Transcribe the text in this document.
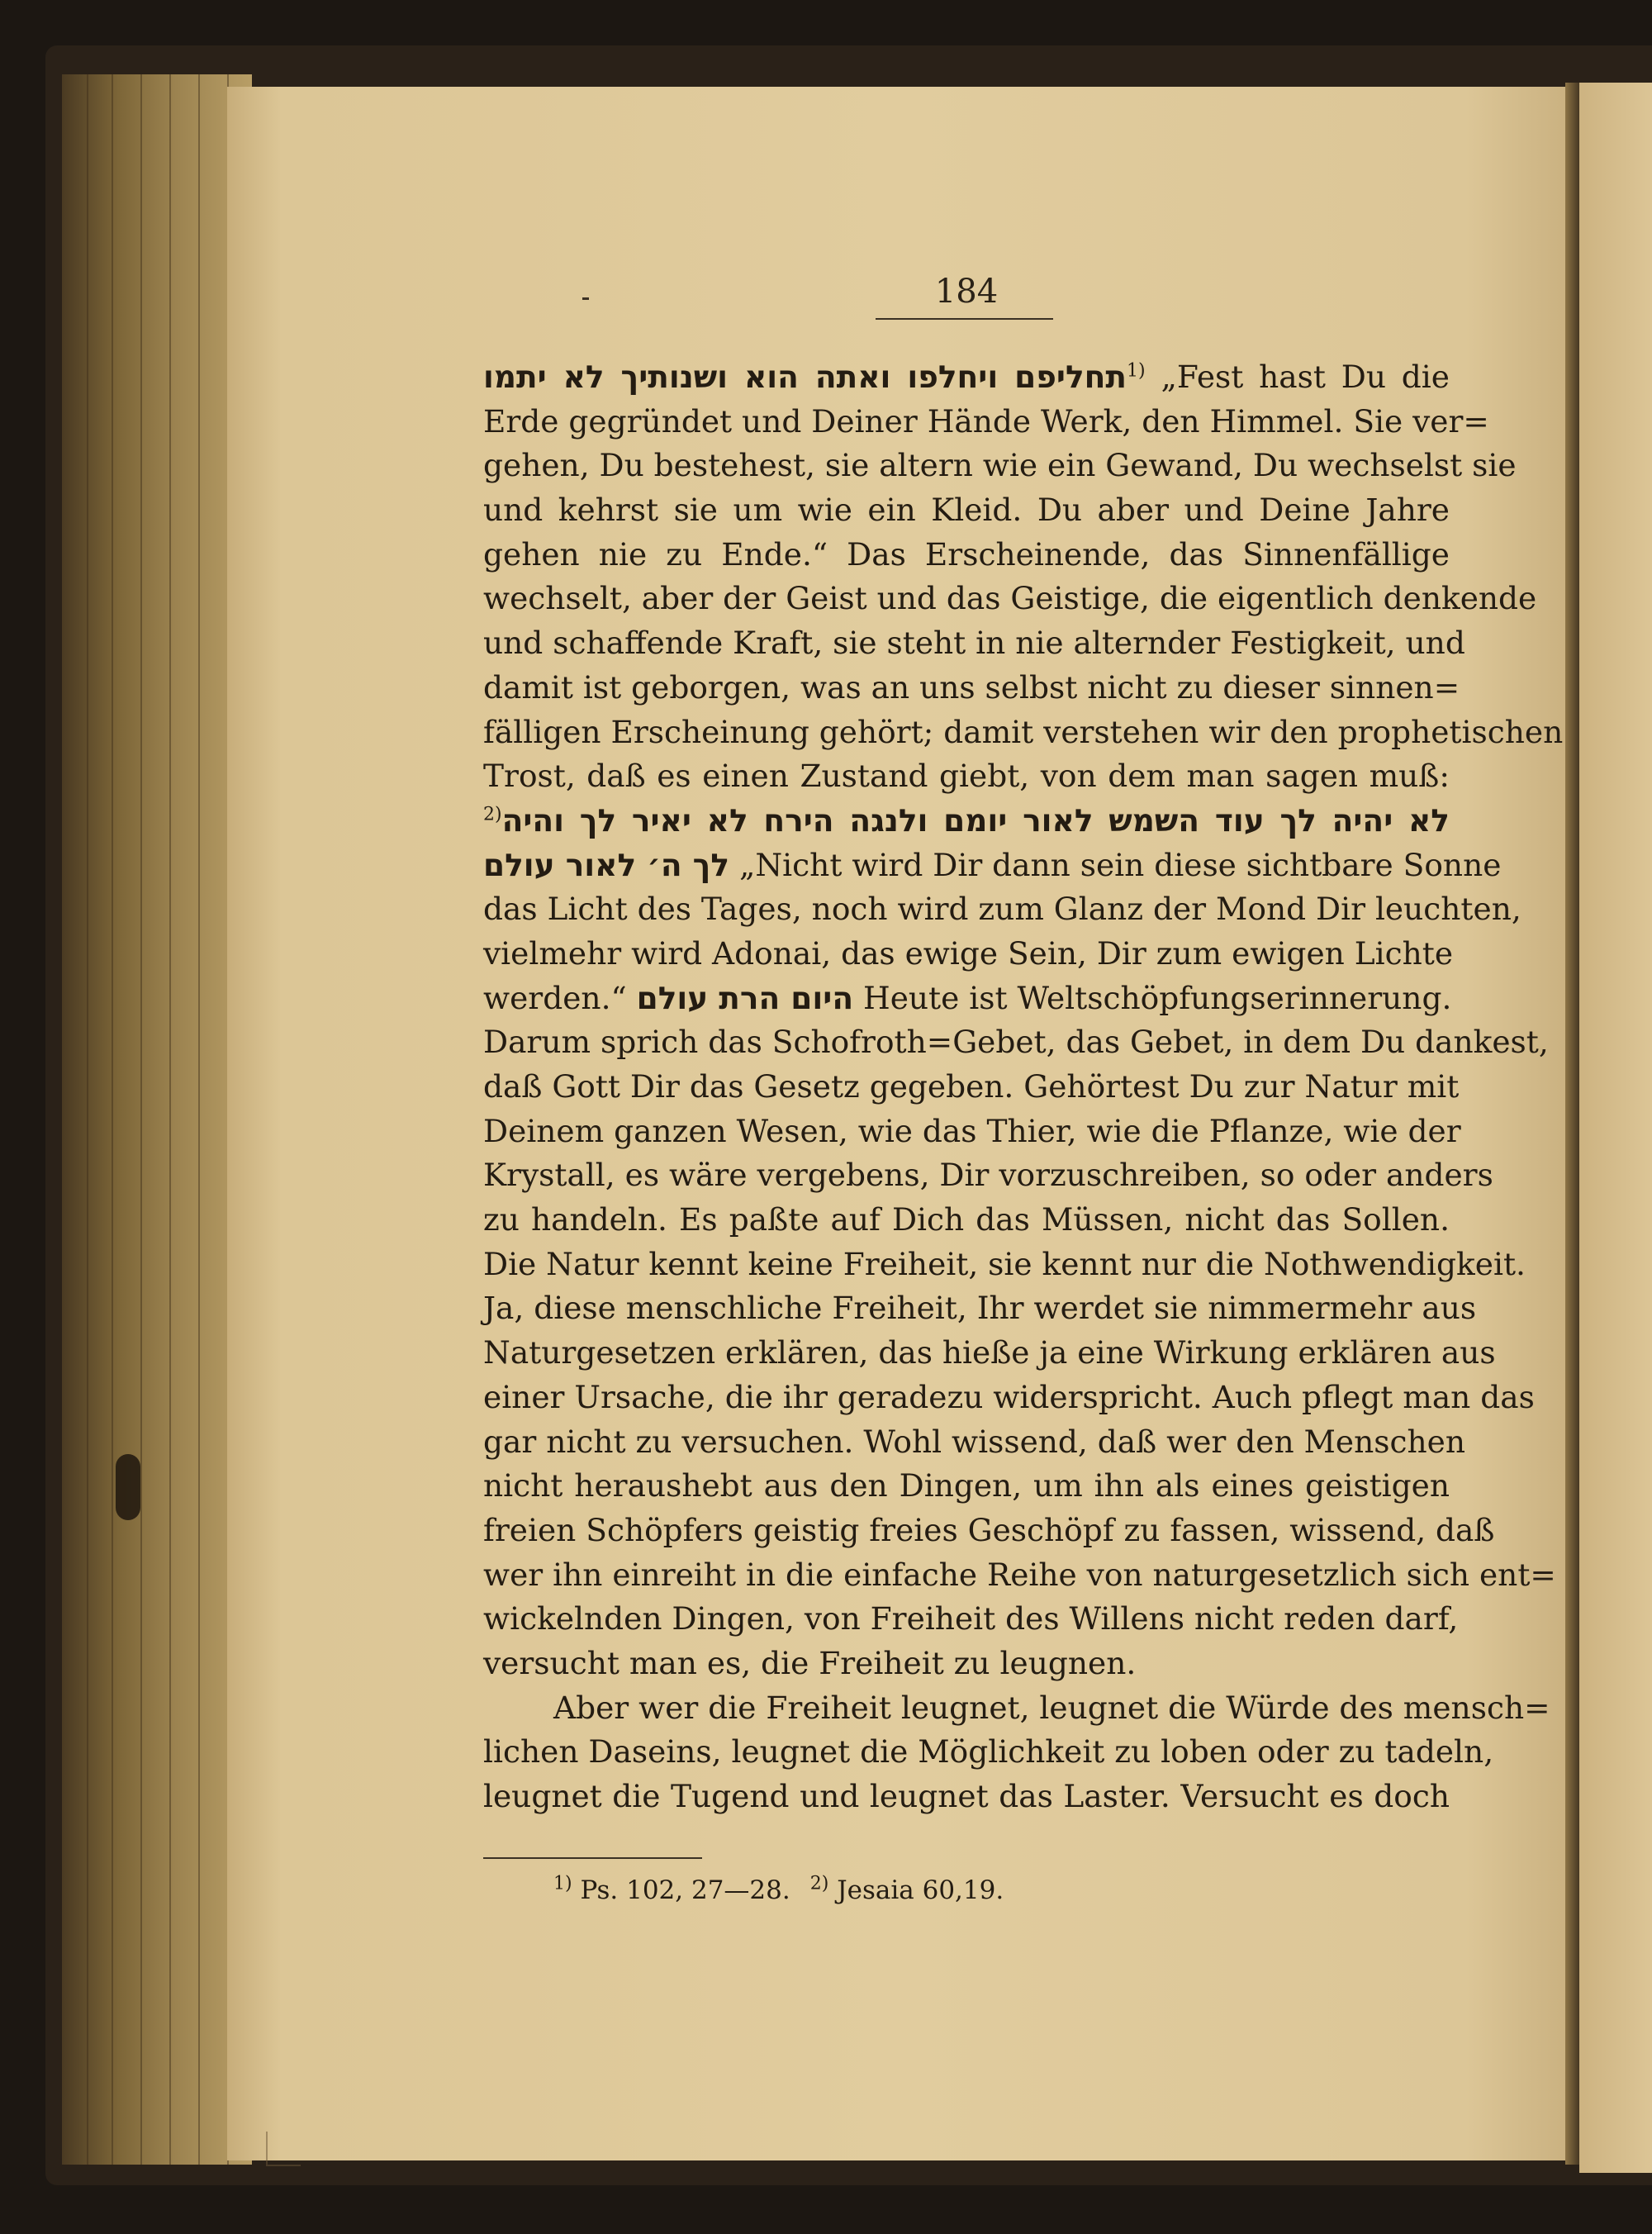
184
תחליפם ויחלפו ואתה הוא ושנותיך לא יתמו$^{1)}$ „Fest hast Du die
Erde gegründet und Deiner Hände Werk, den Himmel. Sie ver=
gehen, Du bestehest, sie altern wie ein Gewand, Du wechselst sie
und kehrst sie um wie ein Kleid. Du aber und Deine Jahre
gehen nie zu Ende.“ Das Erscheinende, das Sinnenfällige
wechselt, aber der Geist und das Geistige, die eigentlich denkende
und schaffende Kraft, sie steht in nie alternder Festigkeit, und
damit ist geborgen, was an uns selbst nicht zu dieser sinnen=
fälligen Erscheinung gehört; damit verstehen wir den prophetischen
Trost, daß es einen Zustand giebt, von dem man sagen muß:
$^{2)}$לא יהיה לך עוד השמש לאור יומם ולנגה הירח לא יאיר לך והיה
לך ה׳ לאור עולם „Nicht wird Dir dann sein diese sichtbare Sonne
das Licht des Tages, noch wird zum Glanz der Mond Dir leuchten,
vielmehr wird Adonai, das ewige Sein, Dir zum ewigen Lichte
werden.“ היום הרת עולם Heute ist Weltschöpfungserinnerung.
Darum sprich das Schofroth=Gebet, das Gebet, in dem Du dankest,
daß Gott Dir das Gesetz gegeben. Gehörtest Du zur Natur mit
Deinem ganzen Wesen, wie das Thier, wie die Pflanze, wie der
Krystall, es wäre vergebens, Dir vorzuschreiben, so oder anders
zu handeln. Es paßte auf Dich das Müssen, nicht das Sollen.
Die Natur kennt keine Freiheit, sie kennt nur die Nothwendigkeit.
Ja, diese menschliche Freiheit, Ihr werdet sie nimmermehr aus
Naturgesetzen erklären, das hieße ja eine Wirkung erklären aus
einer Ursache, die ihr geradezu widerspricht. Auch pflegt man das
gar nicht zu versuchen. Wohl wissend, daß wer den Menschen
nicht heraushebt aus den Dingen, um ihn als eines geistigen
freien Schöpfers geistig freies Geschöpf zu fassen, wissend, daß
wer ihn einreiht in die einfache Reihe von naturgesetzlich sich ent=
wickelnden Dingen, von Freiheit des Willens nicht reden darf,
versucht man es, die Freiheit zu leugnen.
Aber wer die Freiheit leugnet, leugnet die Würde des mensch=
lichen Daseins, leugnet die Möglichkeit zu loben oder zu tadeln,
leugnet die Tugend und leugnet das Laster. Versucht es doch
$^{1)}$ Ps. 102, 27—28. $^{2)}$ Jesaia 60,19.
